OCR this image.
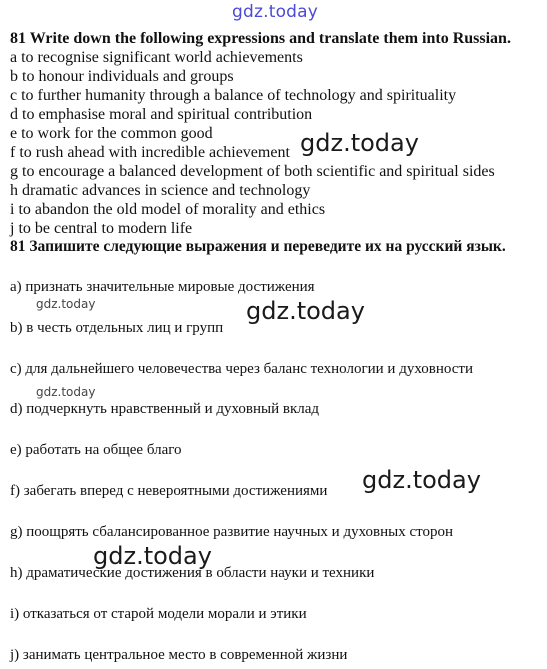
gdz.today
81 Write down the following expressions and translate them into Russian.
a to recognise significant world achievements
b to honour individuals and groups
c to further humanity through a balance of technology and spirituality
d to emphasise moral and spiritual contribution
e to work for the common good
f to rush ahead with incredible achievement
g to encourage a balanced development of both scientific and spiritual sides
h dramatic advances in science and technology
i to abandon the old model of morality and ethics
j to be central to modern life
81 Запишите следующие выражения и переведите их на русский язык.
a) признать значительные мировые достижения
b) в честь отдельных лиц и групп
c) для дальнейшего человечества через баланс технологии и духовности
d) подчеркнуть нравственный и духовный вклад
e) работать на общее благо
f) забегать вперед с невероятными достижениями
g) поощрять сбалансированное развитие научных и духовных сторон
h) драматические достижения в области науки и техники
i) отказаться от старой модели морали и этики
j) занимать центральное место в современной жизни
gdz.today
gdz.today	gdz.today
gdz.today
gdz.today
gdz.today
